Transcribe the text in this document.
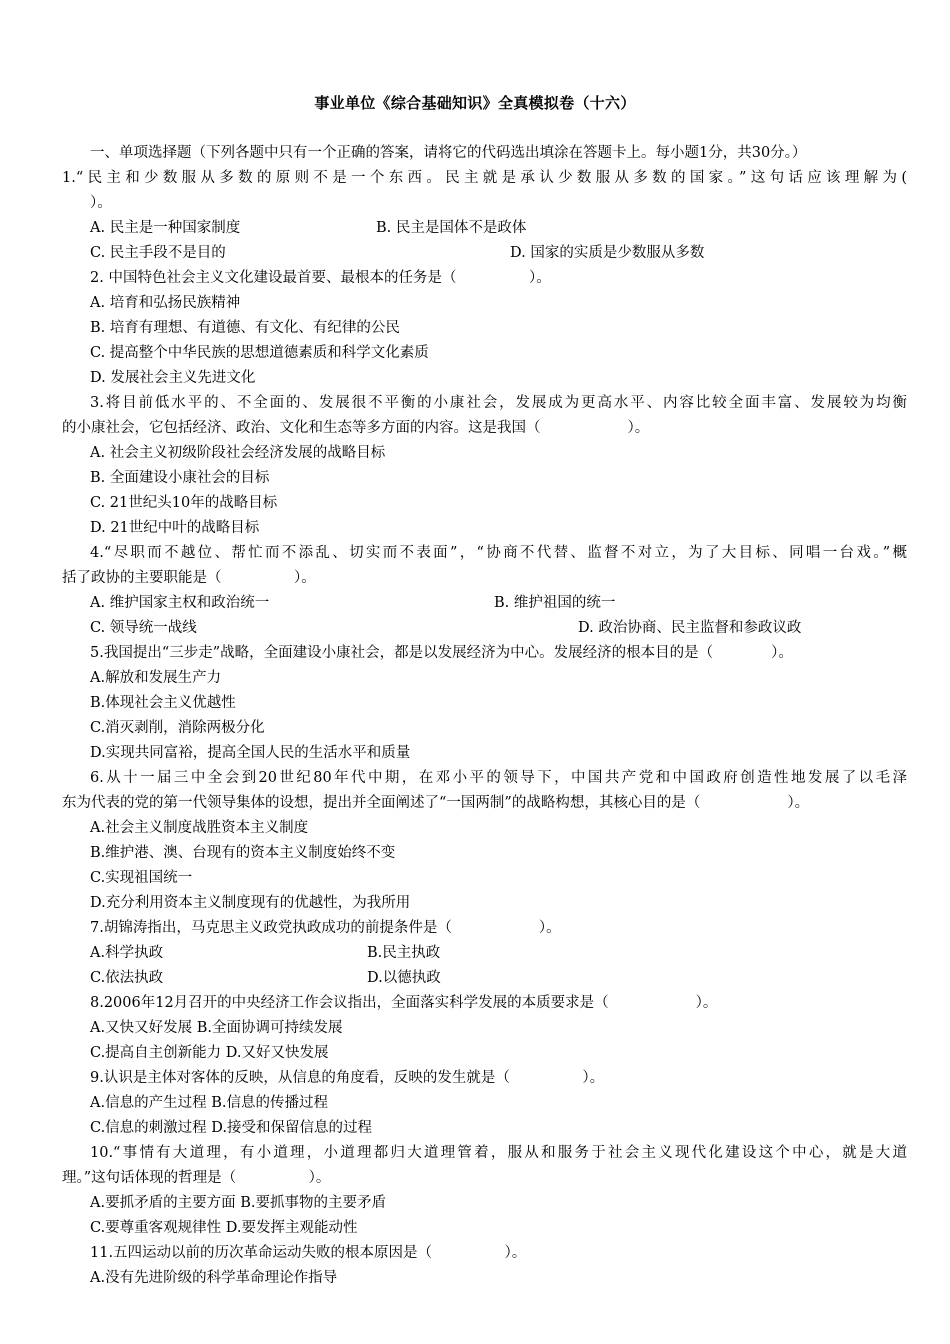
事业单位《综合基础知识》全真模拟卷（十六）
一、单项选择题（下列各题中只有一个正确的答案，请将它的代码选出填涂在答题卡上。每小题1分，共30分。）
1.“民主和少数服从多数的原则不是一个东西。民主就是承认少数服从多数的国家。”这句话应该理解为(
）。
A. 民主是一种国家制度	B. 民主是国体不是政体
C. 民主手段不是目的	D. 国家的实质是少数服从多数
2. 中国特色社会主义文化建设最首要、最根本的任务是（　　　　　）。
A. 培育和弘扬民族精神
B. 培育有理想、有道德、有文化、有纪律的公民
C. 提高整个中华民族的思想道德素质和科学文化素质
D. 发展社会主义先进文化
3.将目前低水平的、不全面的、发展很不平衡的小康社会，发展成为更高水平、内容比较全面丰富、发展较为均衡
的小康社会，它包括经济、政治、文化和生态等多方面的内容。这是我国（　　　　　　）。
A. 社会主义初级阶段社会经济发展的战略目标
B. 全面建设小康社会的目标
C. 21世纪头10年的战略目标
D. 21世纪中叶的战略目标
4.“尽职而不越位、帮忙而不添乱、切实而不表面”，“协商不代替、监督不对立，为了大目标、同唱一台戏。”概
括了政协的主要职能是（　　　　　）。
A. 维护国家主权和政治统一	B. 维护祖国的统一
C. 领导统一战线	D. 政治协商、民主监督和参政议政
5.我国提出“三步走”战略，全面建设小康社会，都是以发展经济为中心。发展经济的根本目的是（　　　　）。
A.解放和发展生产力
B.体现社会主义优越性
C.消灭剥削，消除两极分化
D.实现共同富裕，提高全国人民的生活水平和质量
6.从十一届三中全会到20世纪80年代中期，在邓小平的领导下，中国共产党和中国政府创造性地发展了以毛泽
东为代表的党的第一代领导集体的设想，提出并全面阐述了“一国两制”的战略构想，其核心目的是（　　　　　　）。
A.社会主义制度战胜资本主义制度
B.维护港、澳、台现有的资本主义制度始终不变
C.实现祖国统一
D.充分利用资本主义制度现有的优越性，为我所用
7.胡锦涛指出，马克思主义政党执政成功的前提条件是（　　　　　　）。
A.科学执政	B.民主执政
C.依法执政	D.以德执政
8.2006年12月召开的中央经济工作会议指出，全面落实科学发展的本质要求是（　　　　　　）。
A.又快又好发展 B.全面协调可持续发展
C.提高自主创新能力 D.又好又快发展
9.认识是主体对客体的反映，从信息的角度看，反映的发生就是（　　　　　）。
A.信息的产生过程 B.信息的传播过程
C.信息的刺激过程 D.接受和保留信息的过程
10.“事情有大道理，有小道理，小道理都归大道理管着，服从和服务于社会主义现代化建设这个中心，就是大道
理。”这句话体现的哲理是（　　　　　）。
A.要抓矛盾的主要方面 B.要抓事物的主要矛盾
C.要尊重客观规律性 D.要发挥主观能动性
11.五四运动以前的历次革命运动失败的根本原因是（　　　　　）。
A.没有先进阶级的科学革命理论作指导
